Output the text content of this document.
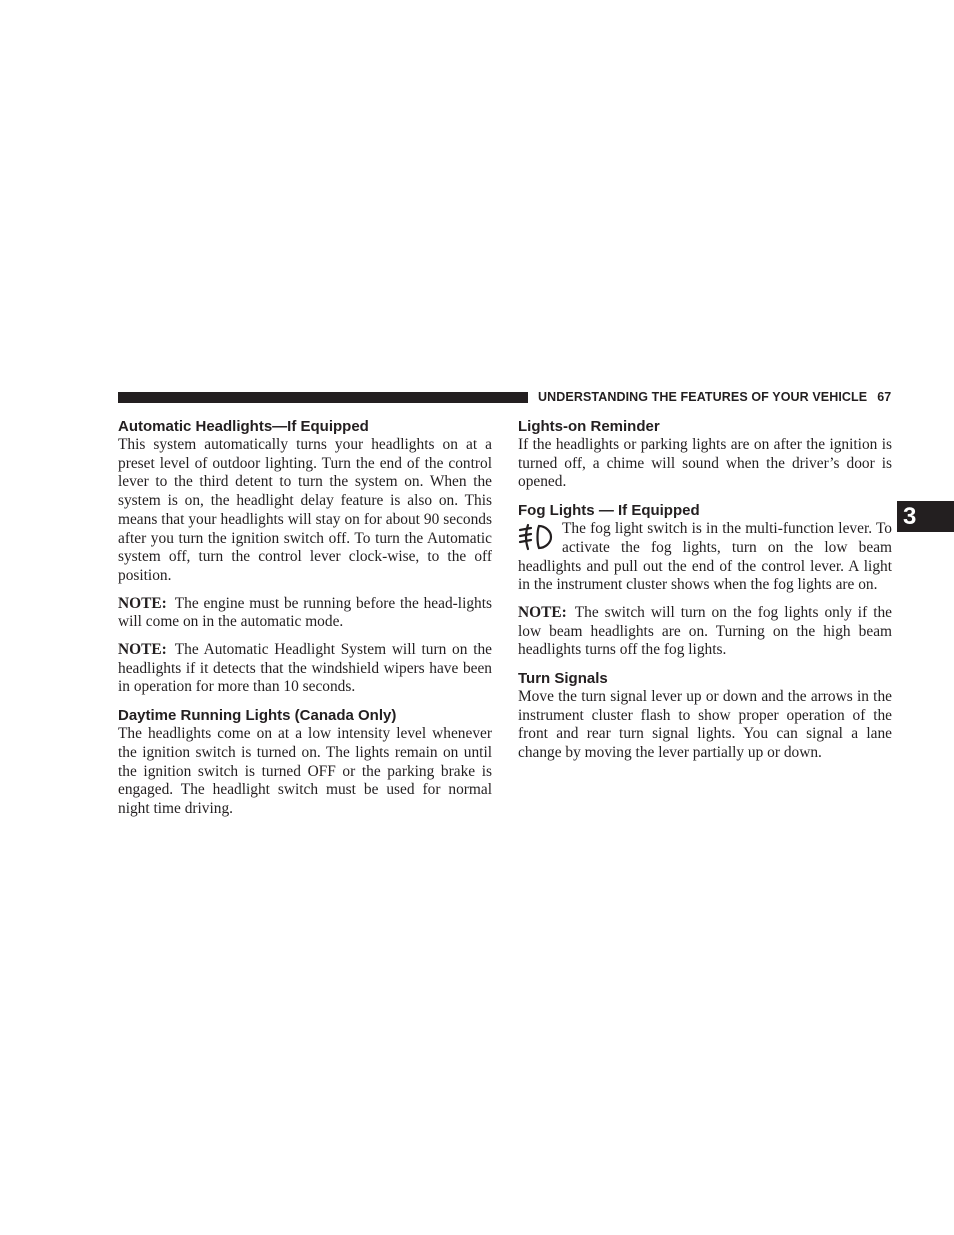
UNDERSTANDING THE FEATURES OF YOUR VEHICLE 67
3
Automatic Headlights—If Equipped

This system automatically turns your headlights on at a preset level of outdoor lighting. Turn the end of the control lever to the third detent to turn the system on. When the system is on, the headlight delay feature is also on. This means that your headlights will stay on for about 90 seconds after you turn the ignition switch off. To turn the Automatic system off, turn the control lever clock-wise, to the off position.

NOTE: The engine must be running before the head-lights will come on in the automatic mode.

NOTE: The Automatic Headlight System will turn on the headlights if it detects that the windshield wipers have been in operation for more than 10 seconds.

Daytime Running Lights (Canada Only)

The headlights come on at a low intensity level whenever the ignition switch is turned on. The lights remain on until the ignition switch is turned OFF or the parking brake is engaged. The headlight switch must be used for normal night time driving.

Lights-on Reminder

If the headlights or parking lights are on after the ignition is turned off, a chime will sound when the driver’s door is opened.

Fog Lights — If Equipped

The fog light switch is in the multi-function lever. To activate the fog lights, turn on the low beam headlights and pull out the end of the control lever. A light in the instrument cluster shows when the fog lights are on.

NOTE: The switch will turn on the fog lights only if the low beam headlights are on. Turning on the high beam headlights turns off the fog lights.

Turn Signals

Move the turn signal lever up or down and the arrows in the instrument cluster flash to show proper operation of the front and rear turn signal lights. You can signal a lane change by moving the lever partially up or down.
